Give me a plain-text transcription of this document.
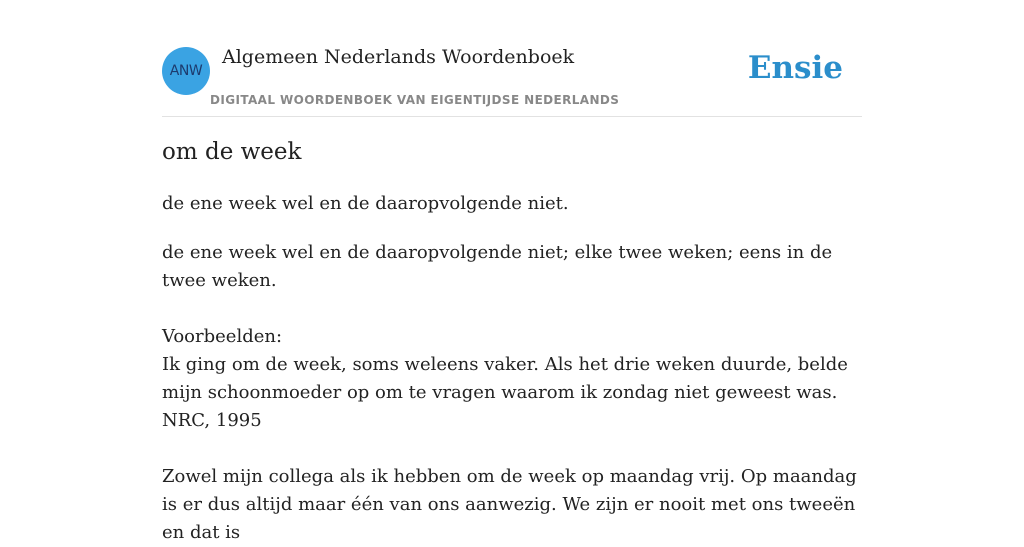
ANW
Algemeen Nederlands Woordenboek
DIGITAAL WOORDENBOEK VAN EIGENTIJDSE NEDERLANDS
Ensie
om de week

de ene week wel en de daaropvolgende niet.

de ene week wel en de daaropvolgende niet; elke twee weken; eens in de twee weken.

Voorbeelden:

Ik ging om de week, soms weleens vaker. Als het drie weken duurde, belde mijn schoonmoeder op om te vragen waarom ik zondag niet geweest was.

NRC, 1995

Zowel mijn collega als ik hebben om de week op maandag vrij. Op maandag is er dus altijd maar één van ons aanwezig. We zijn er nooit met ons tweeën en dat is
